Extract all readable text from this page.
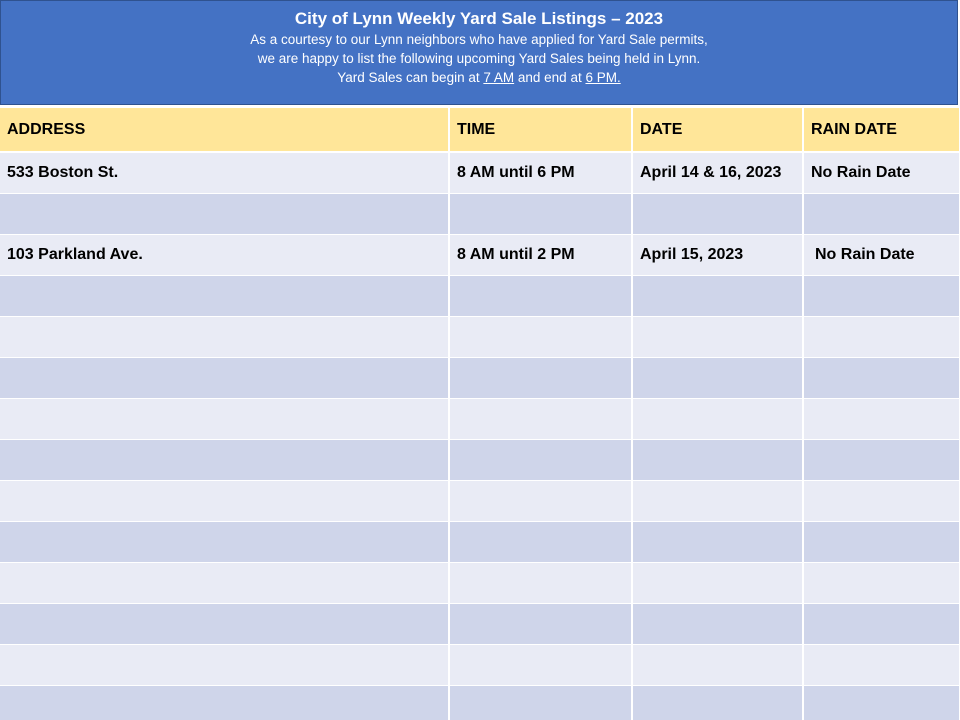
City of Lynn Weekly Yard Sale Listings – 2023
As a courtesy to our Lynn neighbors who have applied for Yard Sale permits,
we are happy to list the following upcoming Yard Sales being held in Lynn.
Yard Sales can begin at 7 AM and end at 6 PM.
ADDRESS	TIME	DATE	RAIN DATE
533 Boston St.	8 AM until 6 PM	April 14 & 16, 2023	No Rain Date

103 Parkland Ave.	8 AM until 2 PM	April 15, 2023	No Rain Date
